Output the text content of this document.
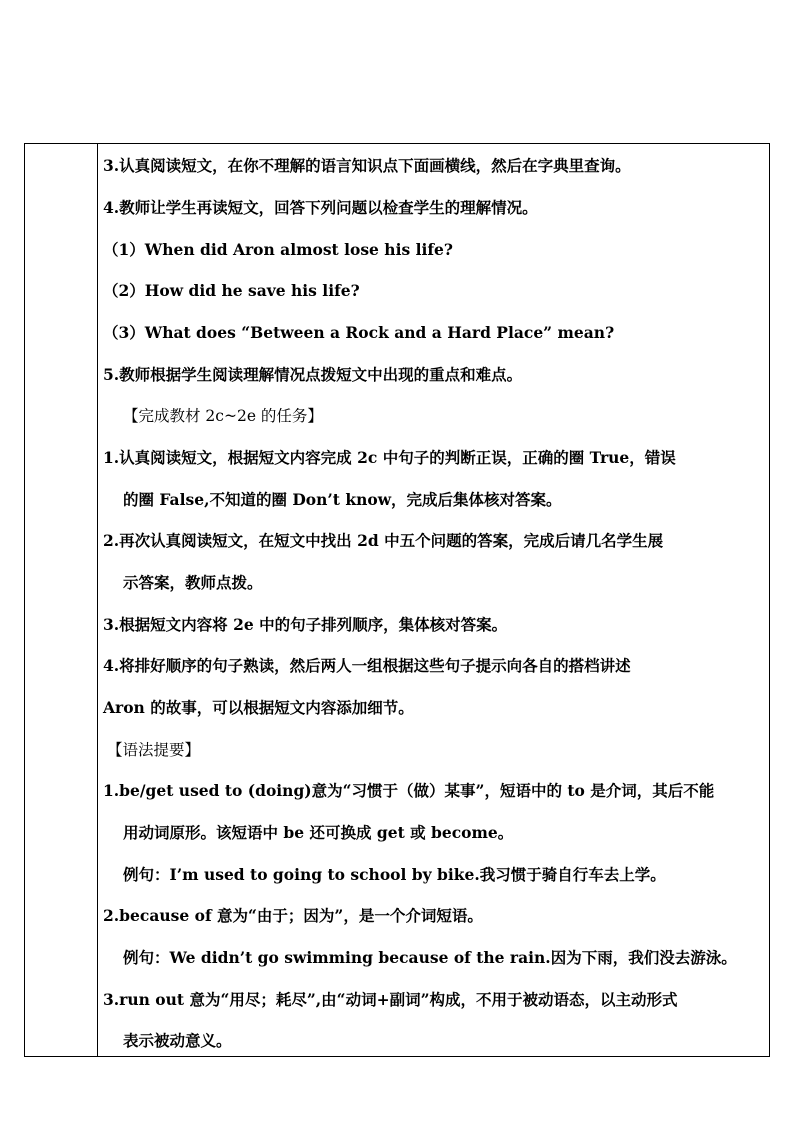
3.认真阅读短文，在你不理解的语言知识点下面画横线，然后在字典里查询。
4.教师让学生再读短文，回答下列问题以检查学生的理解情况。
（1）When did Aron almost lose his life?
（2）How did he save his life?
（3）What does “Between a Rock and a Hard Place” mean?
5.教师根据学生阅读理解情况点拨短文中出现的重点和难点。
【完成教材 2c~2e 的任务】
1.认真阅读短文，根据短文内容完成 2c 中句子的判断正误，正确的圈 True，错误
的圈 False,不知道的圈 Don’t know，完成后集体核对答案。
2.再次认真阅读短文，在短文中找出 2d 中五个问题的答案，完成后请几名学生展
示答案，教师点拨。
3.根据短文内容将 2e 中的句子排列顺序，集体核对答案。
4.将排好顺序的句子熟读，然后两人一组根据这些句子提示向各自的搭档讲述
Aron 的故事，可以根据短文内容添加细节。
【语法提要】
1.be/get used to (doing)意为“习惯于（做）某事”，短语中的 to 是介词，其后不能
用动词原形。该短语中 be 还可换成 get 或 become。
例句：I’m used to going to school by bike.我习惯于骑自行车去上学。
2.because of 意为“由于；因为”，是一个介词短语。
例句：We didn’t go swimming because of the rain.因为下雨，我们没去游泳。
3.run out 意为“用尽；耗尽”,由“动词+副词”构成，不用于被动语态，以主动形式
表示被动意义。
